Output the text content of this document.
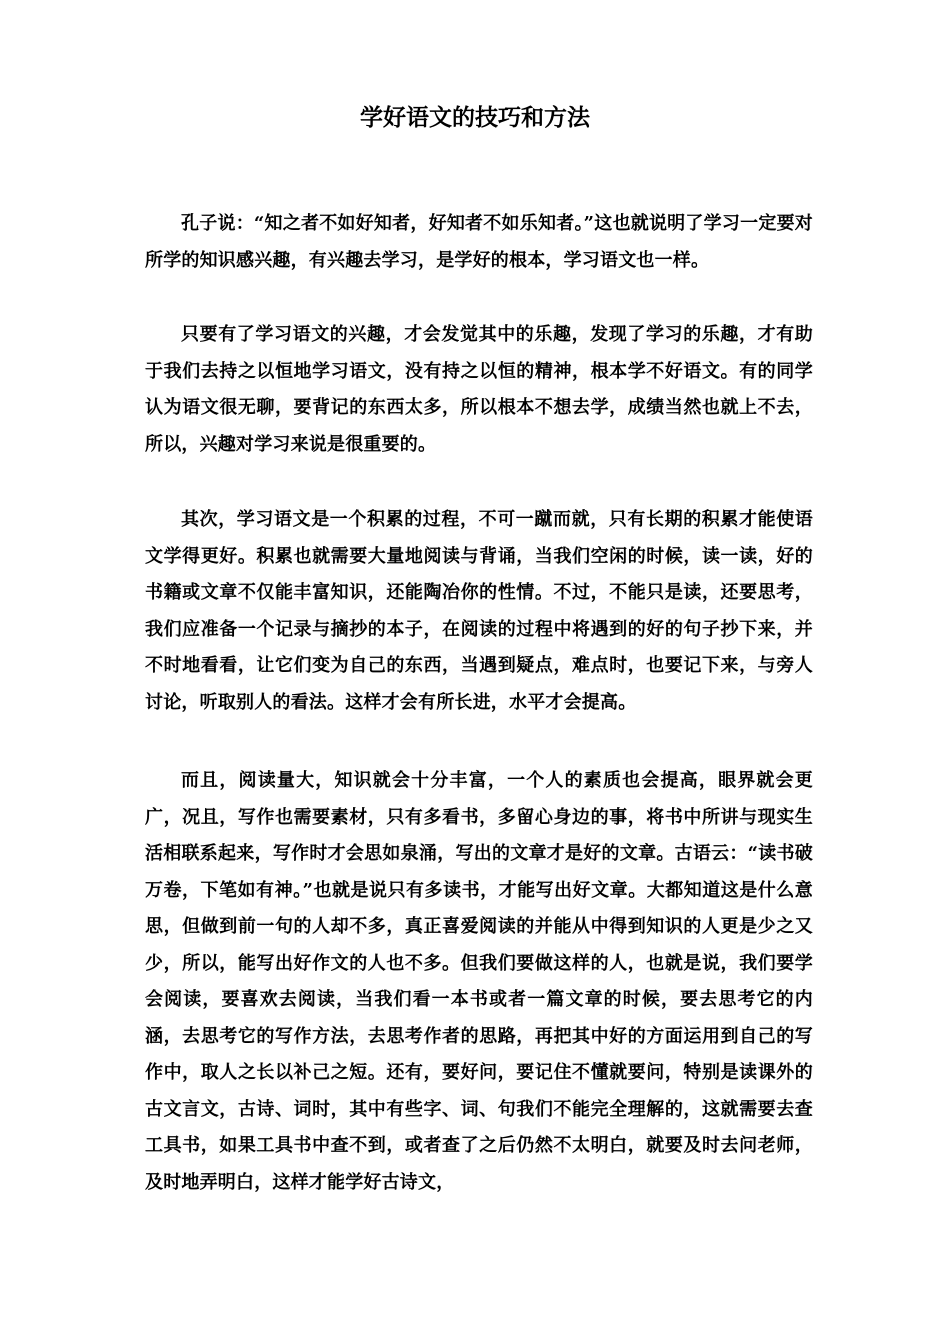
学好语文的技巧和方法

孔子说：“知之者不如好知者，好知者不如乐知者。”这也就说明了学习一定要对所学的知识感兴趣，有兴趣去学习，是学好的根本，学习语文也一样。

只要有了学习语文的兴趣，才会发觉其中的乐趣，发现了学习的乐趣，才有助于我们去持之以恒地学习语文，没有持之以恒的精神，根本学不好语文。有的同学认为语文很无聊，要背记的东西太多，所以根本不想去学，成绩当然也就上不去，所以，兴趣对学习来说是很重要的。

其次，学习语文是一个积累的过程，不可一蹴而就，只有长期的积累才能使语文学得更好。积累也就需要大量地阅读与背诵，当我们空闲的时候，读一读，好的书籍或文章不仅能丰富知识，还能陶冶你的性情。不过，不能只是读，还要思考，我们应准备一个记录与摘抄的本子，在阅读的过程中将遇到的好的句子抄下来，并不时地看看，让它们变为自己的东西，当遇到疑点，难点时，也要记下来，与旁人讨论，听取别人的看法。这样才会有所长进，水平才会提高。

而且，阅读量大，知识就会十分丰富，一个人的素质也会提高，眼界就会更广，况且，写作也需要素材，只有多看书，多留心身边的事，将书中所讲与现实生活相联系起来，写作时才会思如泉涌，写出的文章才是好的文章。古语云：“读书破万卷，下笔如有神。”也就是说只有多读书，才能写出好文章。大都知道这是什么意思，但做到前一句的人却不多，真正喜爱阅读的并能从中得到知识的人更是少之又少，所以，能写出好作文的人也不多。但我们要做这样的人，也就是说，我们要学会阅读，要喜欢去阅读，当我们看一本书或者一篇文章的时候，要去思考它的内涵，去思考它的写作方法，去思考作者的思路，再把其中好的方面运用到自己的写作中，取人之长以补己之短。还有，要好问，要记住不懂就要问，特别是读课外的古文言文，古诗、词时，其中有些字、词、句我们不能完全理解的，这就需要去查工具书，如果工具书中查不到，或者查了之后仍然不太明白，就要及时去问老师，及时地弄明白，这样才能学好古诗文，
